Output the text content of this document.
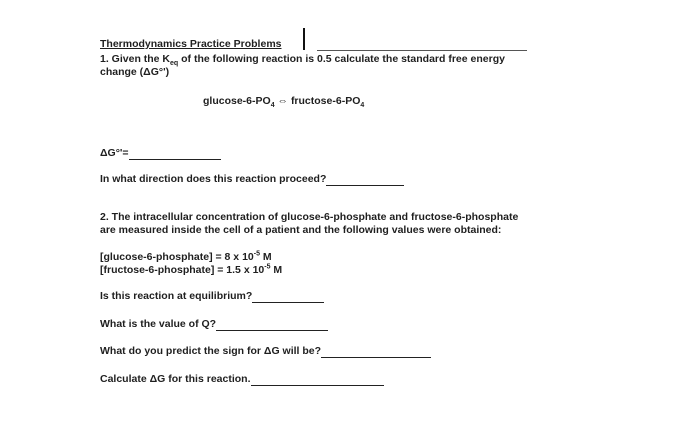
Thermodynamics Practice Problems
1. Given the $K_{eq}$ of the following reaction is 0.5 calculate the standard free energy
change (ΔG°')
glucose-$6-PO_4$ ⇔ fructose-$6-PO_4$
ΔG°'=
In what direction does this reaction proceed?
2. The intracellular concentration of glucose-6-phosphate and fructose-6-phosphate
are measured inside the cell of a patient and the following values were obtained:
[glucose-6-phosphate] = 8 x $10^{-5}$ M
[fructose-6-phosphate] = 1.5 x $10^{-5}$ M
Is this reaction at equilibrium?
What is the value of Q?
What do you predict the sign for ΔG will be?
Calculate ΔG for this reaction.
